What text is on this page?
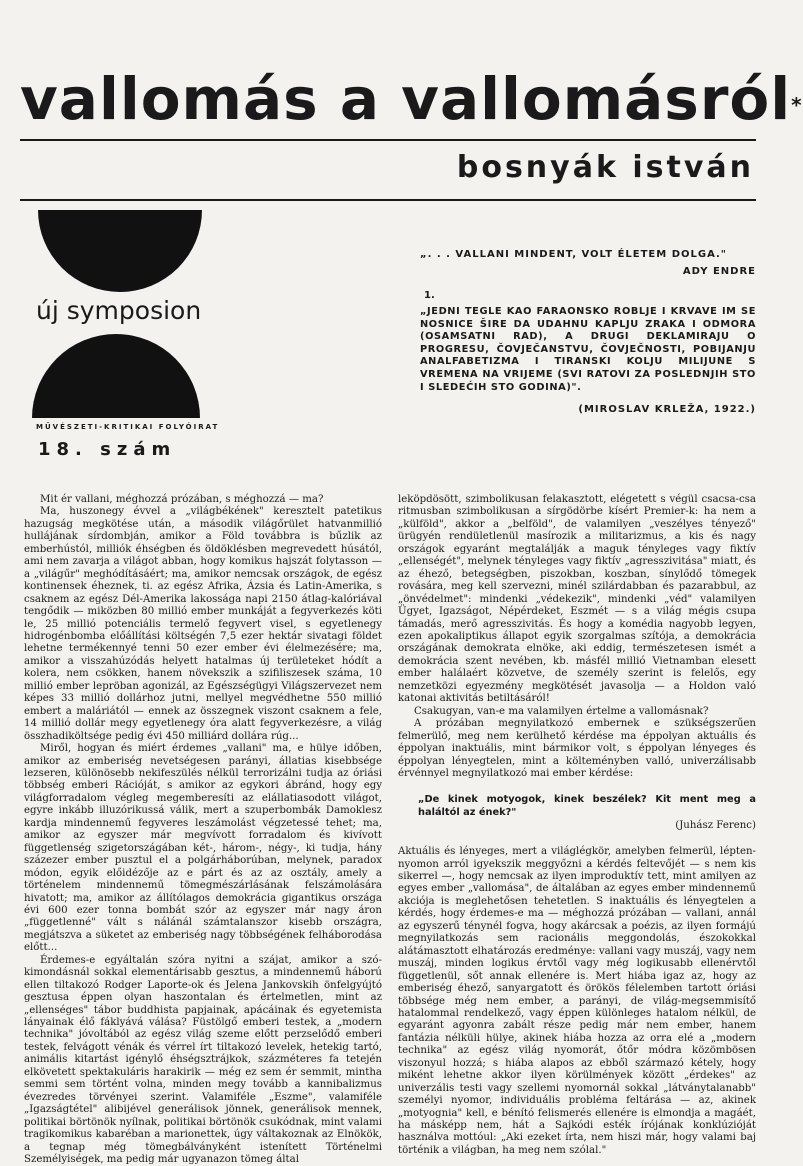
vallomás a vallomásról*
bosnyák istván
új symposion
MŰVÉSZETI-KRITIKAI FOLYÓIRAT
18. szám
„. . . VALLANI MINDENT, VOLT ÉLETEM DOLGA."
ADY ENDRE
1.
„JEDNI TEGLE KAO FARAONSKO ROBLJE I KRVAVE IM SE NOSNICE ŠIRE DA UDAHNU KAPLJU ZRAKA I ODMORA (OSAMSATNI RAD), A DRUGI DEKLAMIRAJU O PROGRESU, ČOVJEČANSTVU, ČOVJEČNOSTI, POBIJANJU ANALFABETIZMA I TIRANSKI KOLJU MILIJUNE S VREMENA NA VRIJEME (SVI RATOVI ZA POSLEDNJIH STO I SLEDEĆIH STO GODINA)".
(MIROSLAV KRLEŽA, 1922.)

Mit ér vallani, méghozzá prózában, s méghozzá — ma?

Ma, huszonegy évvel a „világbékének" keresztelt patetikus hazugság megkötése után, a második világőrület hatvanmillió hullájának sírdombján, amikor a Föld továbbra is bűzlik az emberhústól, milliók éhségben és öldöklésben megrevedett húsától, ami nem zavarja a világot abban, hogy komikus hajszát folytasson — a „világűr" meghódításáért; ma, amikor nemcsak országok, de egész kontinensek éheznek, ti. az egész Afrika, Ázsia és Latin-Amerika, s csaknem az egész Dél-Amerika lakossága napi 2150 átlag-kalóriával tengődik — miközben 80 millió ember munkáját a fegyverkezés köti le, 25 millió potenciális termelő fegyvert visel, s egyetlenegy hidrogénbomba előállítási költségén 7,5 ezer hektár sivatagi földet lehetne termékennyé tenni 50 ezer ember évi élelmezésére; ma, amikor a visszahúzódás helyett hatalmas új területeket hódít a kolera, nem csökken, hanem növekszik a szifiliszesek száma, 10 millió ember lepröban agonizál, az Egészségügyi Világszervezet nem képes 33 millió dollárhoz jutni, mellyel megvédhetne 550 millió embert a maláriától — ennek az összegnek viszont csaknem a fele, 14 millió dollár megy egyetlenegy óra alatt fegyverkezésre, a világ összhadiköltsége pedig évi 450 milliárd dollára rúg...

Miről, hogyan és miért érdemes „vallani" ma, e hülye időben, amikor az emberiség nevetségesen parányi, állatias kisebbsége lezseren, különösebb nekifeszülés nélkül terrorizálni tudja az óriási többség emberi Rációját, s amikor az egykori ábránd, hogy egy világforradalom végleg megemberesíti az elállatiasodott világot, egyre inkább illuzórikussá válik, mert a szuperbombák Damoklesz kardja mindennemű fegyveres leszámolást végzetessé tehet; ma, amikor az egyszer már megvívott forradalom és kivívott függetlenség szigetországában két-, három-, négy-, ki tudja, hány százezer ember pusztul el a polgárháborúban, melynek, paradox módon, egyik előidézője az e párt és az az osztály, amely a történelem mindennemű tömegmészárlásának felszámolására hivatott; ma, amikor az állítólagos demokrácia gigantikus országa évi 600 ezer tonna bombát szór az egyszer már nagy áron „függetlenné" vált s nálánál számtalanszor kisebb országra, megjátszva a süketet az emberiség nagy többségének felháborodása előtt...

Érdemes-e egyáltalán szóra nyitni a szájat, amikor a szókimondásnál sokkal elementárisabb gesztus, a mindennemű háború ellen tiltakozó Rodger Laporte-ok és Jelena Jankovskih önfelgyújtó gesztusa éppen olyan haszontalan és értelmetlen, mint az „ellenséges" tábor buddhista papjainak, apácáinak és egyetemista lányainak élő fáklyává válása? Füstölgő emberi testek, a „modern technika" jóvoltából az egész világ szeme előtt perzselődő emberi testek, felvágott vénák és vérrel írt tiltakozó levelek, hetekig tartó, animális kitartást igénylő éhségsztrájkok, százméteres fa tetején elkövetett spektakuláris harakirik — még ez sem ér semmit, mintha semmi sem történt volna, minden megy tovább a kannibalizmus évezredes törvényei szerint. Valamiféle „Eszme", valamiféle „Igazságtétel" alibijével generálisok jönnek, generálisok mennek, politikai börtönök nyílnak, politikai börtönök csukódnak, mint valami tragikomikus kabaréban a marionettek, úgy váltakoznak az Elnökök, a tegnap még tömegbálványként istenített Történelmi Személyiségek, ma pedig már ugyanazon tömeg által

leköpdösött, szimbolikusan felakasztott, elégetett s végül csacsa-csa ritmusban szimbolikusan a sírgödörbe kísért Premier-k: ha nem a „külföld", akkor a „belföld", de valamilyen „veszélyes tényező" ürügyén rendületlenül masírozik a militarizmus, a kis és nagy országok egyaránt megtalálják a maguk tényleges vagy fiktív „ellenségét", melynek tényleges vagy fiktív „agresszivitása" miatt, és az éhező, betegségben, piszokban, koszban, sínylődő tömegek rovására, meg kell szervezni, minél szilárdabban és pazarabbul, az „önvédelmet": mindenki „védekezik", mindenki „véd" valamilyen Ügyet, Igazságot, Népérdeket, Eszmét — s a világ mégis csupa támadás, merő agresszivitás. És hogy a komédia nagyobb legyen, ezen apokaliptikus állapot egyik szorgalmas szítója, a demokrácia országának demokrata elnöke, aki eddig, természetesen ismét a demokrácia szent nevében, kb. másfél millió Vietnamban elesett ember halálaért közvetve, de személy szerint is felelős, egy nemzetközi egyezmény megkötését javasolja — a Holdon való katonai aktivitás betiltásáról!

Csakugyan, van-e ma valamilyen értelme a vallomásnak?

A prózában megnyilatkozó embernek e szükségszerűen felmerülő, meg nem kerülhető kérdése ma éppolyan aktuális és éppolyan inaktuális, mint bármikor volt, s éppolyan lényeges és éppolyan lényegtelen, mint a költeményben valló, univerzálisabb érvénnyel megnyilatkozó mai ember kérdése:

„De kinek motyogok, kinek beszélek? Kit ment meg a haláltól az ének?"
(Juhász Ferenc)

Aktuális és lényeges, mert a világlégkör, amelyben felmerül, lépten-nyomon arról igyekszik meggyőzni a kérdés feltevőjét — s nem kis sikerrel —, hogy nemcsak az ilyen improduktív tett, mint amilyen az egyes ember „vallomása", de általában az egyes ember mindennemű akciója is meglehetősen tehetetlen. S inaktuális és lényegtelen a kérdés, hogy érdemes-e ma — méghozzá prózában — vallani, annál az egyszerű ténynél fogva, hogy akárcsak a poézis, az ilyen formájú megnyilatkozás sem racionális meggondolás, észokokkal alátámasztott elhatározás eredménye: vallani vagy muszáj, vagy nem muszáj, minden logikus érvtől vagy még logikusabb ellenérvtől függetlenül, sőt annak ellenére is. Mert hiába igaz az, hogy az emberiség éhező, sanyargatott és örökös félelemben tartott óriási többsége még nem ember, a parányi, de világ-megsemmisítő hatalommal rendelkező, vagy éppen különleges hatalom nélkül, de egyaránt agyonra zabált része pedig már nem ember, hanem fantázia nélküli hülye, akinek hiába hozza az orra elé a „modern technika" az egész világ nyomorát, őtőr módra közömbösen viszonyul hozzá; s hiába alapos az ebből származó kétely, hogy miként lehetne akkor ilyen körülmények között „érdekes" az univerzális testi vagy szellemi nyomornál sokkal „látványtalanabb" személyi nyomor, individuális probléma feltárása — az, akinek „motyognia" kell, e bénító felismerés ellenére is elmondja a magáét, ha másképp nem, hát a Sajkódi esték írójának konklúzióját használva mottóul: „Aki ezeket írta, nem hiszi már, hogy valami baj történik a világban, ha meg nem szólal."
